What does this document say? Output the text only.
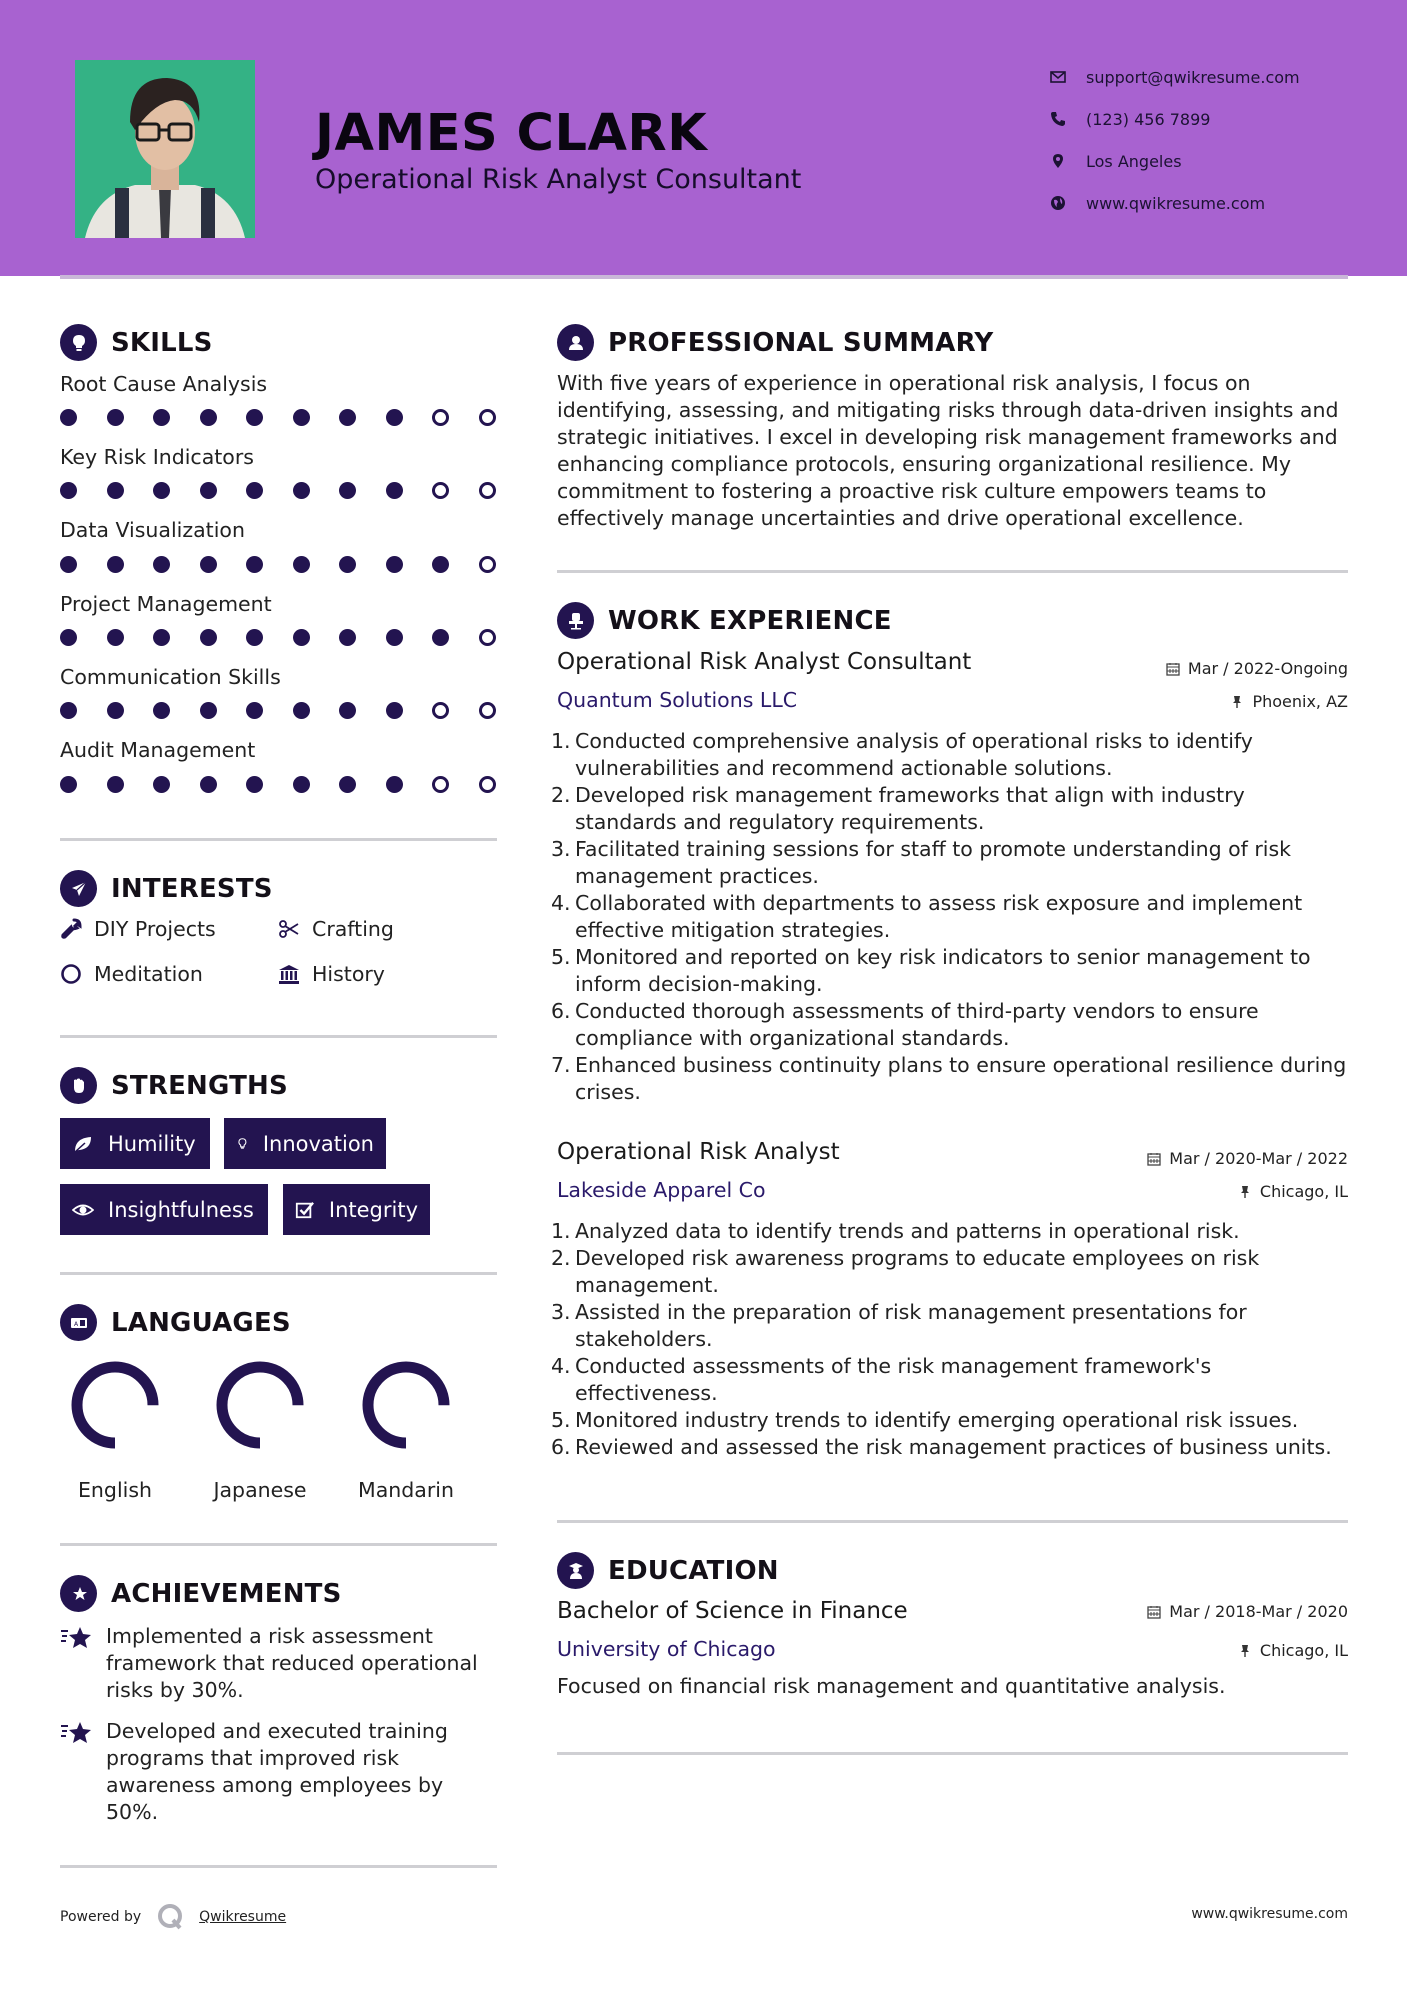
JAMES CLARK
Operational Risk Analyst Consultant
support@qwikresume.com
(123) 456 7899
Los Angeles
www.qwikresume.com
SKILLS
Root Cause Analysis
Key Risk Indicators
Data Visualization
Project Management
Communication Skills
Audit Management
INTERESTS
DIY Projects	Crafting
Meditation	History
STRENGTHS
Humility	Innovation
Insightfulness	Integrity
A LANGUAGES
English	Japanese	Mandarin
ACHIEVEMENTS
Implemented a risk assessment framework that reduced operational risks by 30%.
Developed and executed training programs that improved risk awareness among employees by 50%.
PROFESSIONAL SUMMARY
With five years of experience in operational risk analysis, I focus on identifying, assessing, and mitigating risks through data-driven insights and strategic initiatives. I excel in developing risk management frameworks and enhancing compliance protocols, ensuring organizational resilience. My commitment to fostering a proactive risk culture empowers teams to effectively manage uncertainties and drive operational excellence.
WORK EXPERIENCE
Operational Risk Analyst Consultant	Mar / 2022-Ongoing
Quantum Solutions LLC	Phoenix, AZ
1. Conducted comprehensive analysis of operational risks to identify vulnerabilities and recommend actionable solutions.
2. Developed risk management frameworks that align with industry standards and regulatory requirements.
3. Facilitated training sessions for staff to promote understanding of risk management practices.
4. Collaborated with departments to assess risk exposure and implement effective mitigation strategies.
5. Monitored and reported on key risk indicators to senior management to inform decision-making.
6. Conducted thorough assessments of third-party vendors to ensure compliance with organizational standards.
7. Enhanced business continuity plans to ensure operational resilience during crises.
Operational Risk Analyst	Mar / 2020-Mar / 2022
Lakeside Apparel Co	Chicago, IL
1. Analyzed data to identify trends and patterns in operational risk.
2. Developed risk awareness programs to educate employees on risk management.
3. Assisted in the preparation of risk management presentations for stakeholders.
4. Conducted assessments of the risk management framework's effectiveness.
5. Monitored industry trends to identify emerging operational risk issues.
6. Reviewed and assessed the risk management practices of business units.
EDUCATION
Bachelor of Science in Finance	Mar / 2018-Mar / 2020
University of Chicago	Chicago, IL
Focused on financial risk management and quantitative analysis.
Powered by	Qwikresume	www.qwikresume.com
